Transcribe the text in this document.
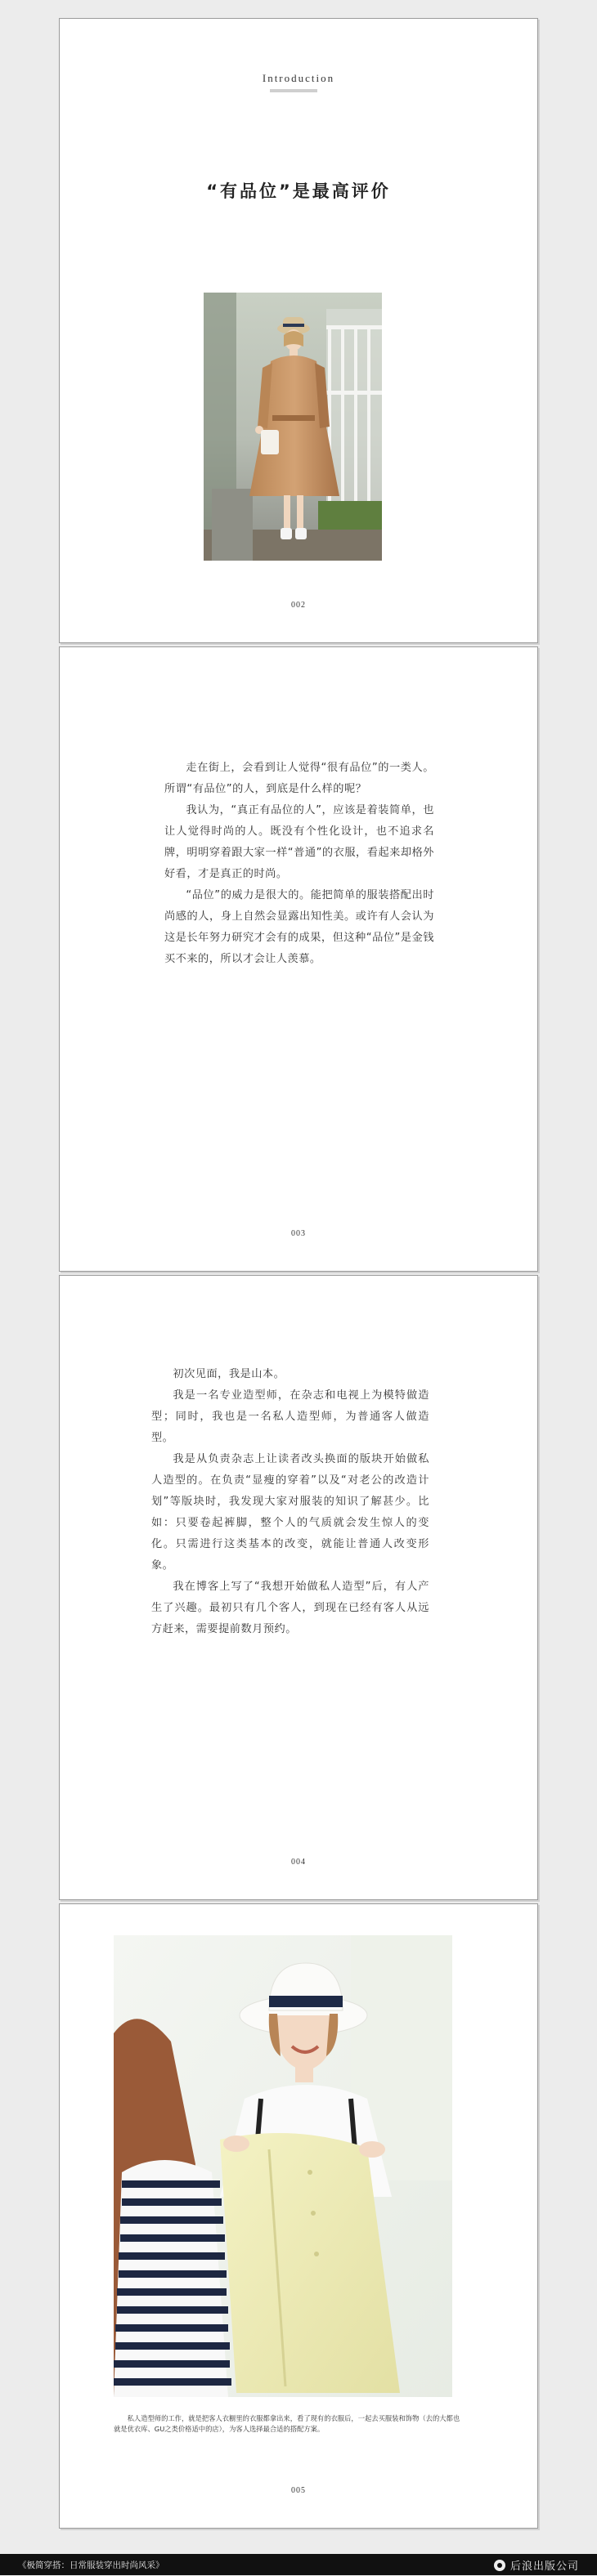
Introduction
“有品位”是最高评价
002

走在街上，会看到让人觉得“很有品位”的一类人。所谓“有品位”的人，到底是什么样的呢？

我认为，“真正有品位的人”，应该是着装简单，也让人觉得时尚的人。既没有个性化设计，也不追求名牌，明明穿着跟大家一样“普通”的衣服，看起来却格外好看，才是真正的时尚。

“品位”的威力是很大的。能把简单的服装搭配出时尚感的人，身上自然会显露出知性美。或许有人会认为这是长年努力研究才会有的成果，但这种“品位”是金钱买不来的，所以才会让人羡慕。

003

初次见面，我是山本。

我是一名专业造型师，在杂志和电视上为模特做造型；同时，我也是一名私人造型师，为普通客人做造型。

我是从负责杂志上让读者改头换面的版块开始做私人造型的。在负责“显瘦的穿着”以及“对老公的改造计划”等版块时，我发现大家对服装的知识了解甚少。比如：只要卷起裤脚，整个人的气质就会发生惊人的变化。只需进行这类基本的改变，就能让普通人改变形象。

我在博客上写了“我想开始做私人造型”后，有人产生了兴趣。最初只有几个客人，到现在已经有客人从远方赶来，需要提前数月预约。

004

私人造型师的工作，就是把客人衣橱里的衣服都拿出来，看了现有的衣服后，一起去买服装和饰物（去的大都也就是优衣库、GU之类价格适中的店），为客人选择最合适的搭配方案。

005
《极简穿搭：日常服装穿出时尚风采》	后浪出版公司
